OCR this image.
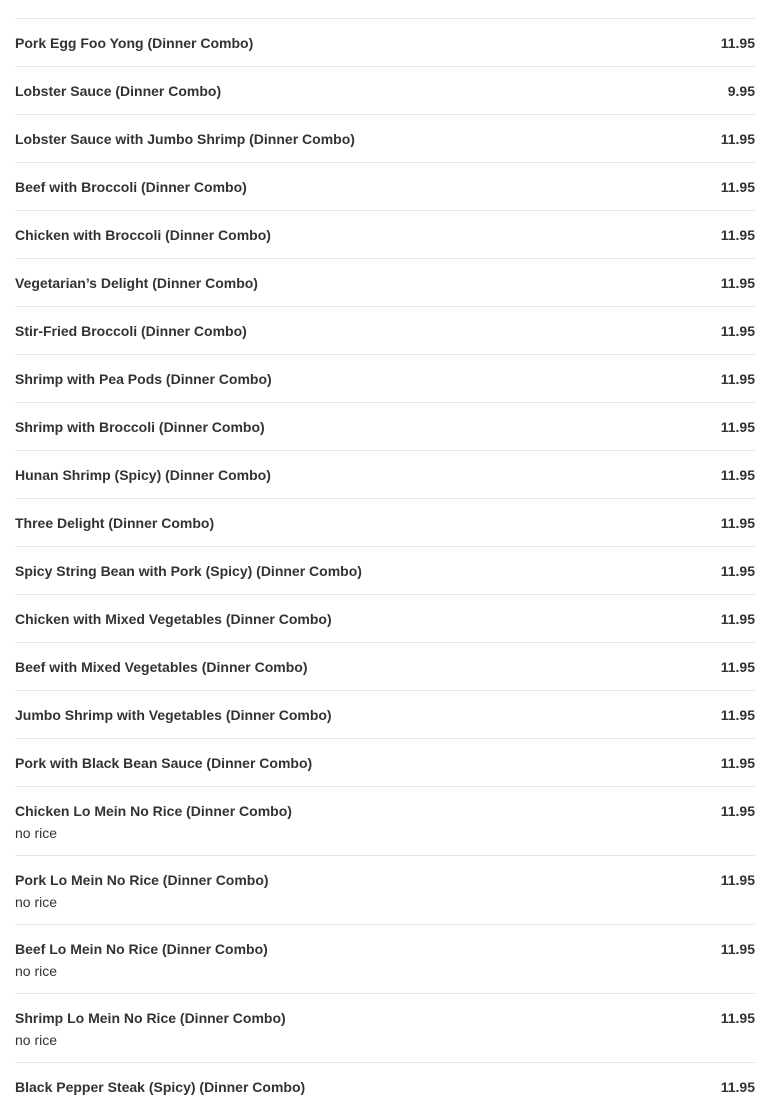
Pork Egg Foo Yong (Dinner Combo)	11.95
Lobster Sauce (Dinner Combo)	9.95
Lobster Sauce with Jumbo Shrimp (Dinner Combo)	11.95
Beef with Broccoli (Dinner Combo)	11.95
Chicken with Broccoli (Dinner Combo)	11.95
Vegetarian’s Delight (Dinner Combo)	11.95
Stir-Fried Broccoli (Dinner Combo)	11.95
Shrimp with Pea Pods (Dinner Combo)	11.95
Shrimp with Broccoli (Dinner Combo)	11.95
Hunan Shrimp (Spicy) (Dinner Combo)	11.95
Three Delight (Dinner Combo)	11.95
Spicy String Bean with Pork (Spicy) (Dinner Combo)	11.95
Chicken with Mixed Vegetables (Dinner Combo)	11.95
Beef with Mixed Vegetables (Dinner Combo)	11.95
Jumbo Shrimp with Vegetables (Dinner Combo)	11.95
Pork with Black Bean Sauce (Dinner Combo)	11.95
Chicken Lo Mein No Rice (Dinner Combo)	11.95
no rice
Pork Lo Mein No Rice (Dinner Combo)	11.95
no rice
Beef Lo Mein No Rice (Dinner Combo)	11.95
no rice
Shrimp Lo Mein No Rice (Dinner Combo)	11.95
no rice
Black Pepper Steak (Spicy) (Dinner Combo)	11.95
